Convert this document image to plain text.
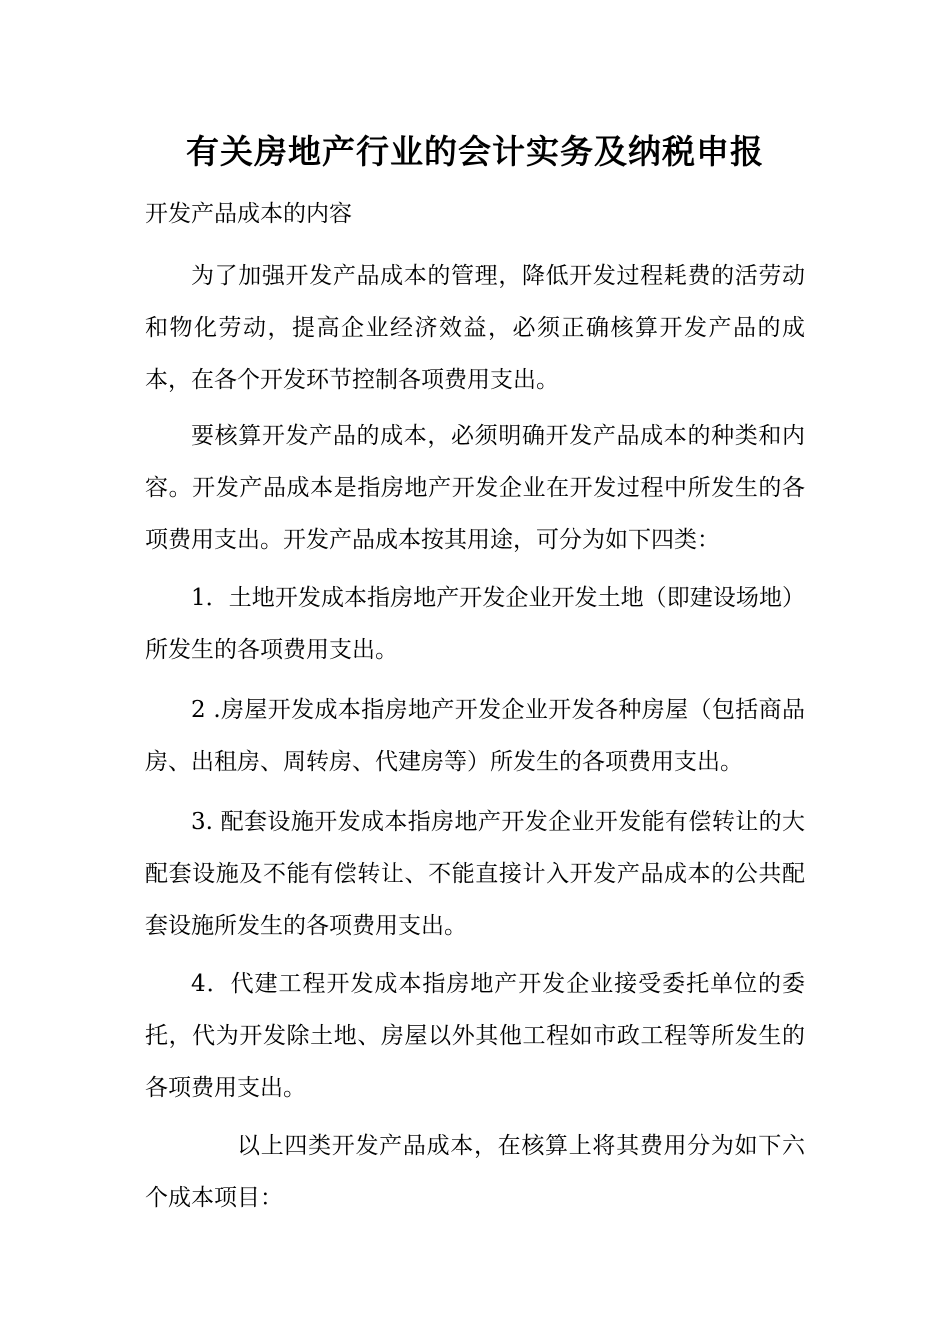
有关房地产行业的会计实务及纳税申报
开发产品成本的内容

为了加强开发产品成本的管理，降低开发过程耗费的活劳动和物化劳动，提高企业经济效益，必须正确核算开发产品的成本，在各个开发环节控制各项费用支出。

要核算开发产品的成本，必须明确开发产品成本的种类和内容。开发产品成本是指房地产开发企业在开发过程中所发生的各项费用支出。开发产品成本按其用途，可分为如下四类：

1．土地开发成本指房地产开发企业开发土地（即建设场地）所发生的各项费用支出。

2 .房屋开发成本指房地产开发企业开发各种房屋（包括商品房、出租房、周转房、代建房等）所发生的各项费用支出。

3. 配套设施开发成本指房地产开发企业开发能有偿转让的大配套设施及不能有偿转让、不能直接计入开发产品成本的公共配套设施所发生的各项费用支出。

4．代建工程开发成本指房地产开发企业接受委托单位的委托，代为开发除土地、房屋以外其他工程如市政工程等所发生的各项费用支出。

以上四类开发产品成本，在核算上将其费用分为如下六个成本项目：
